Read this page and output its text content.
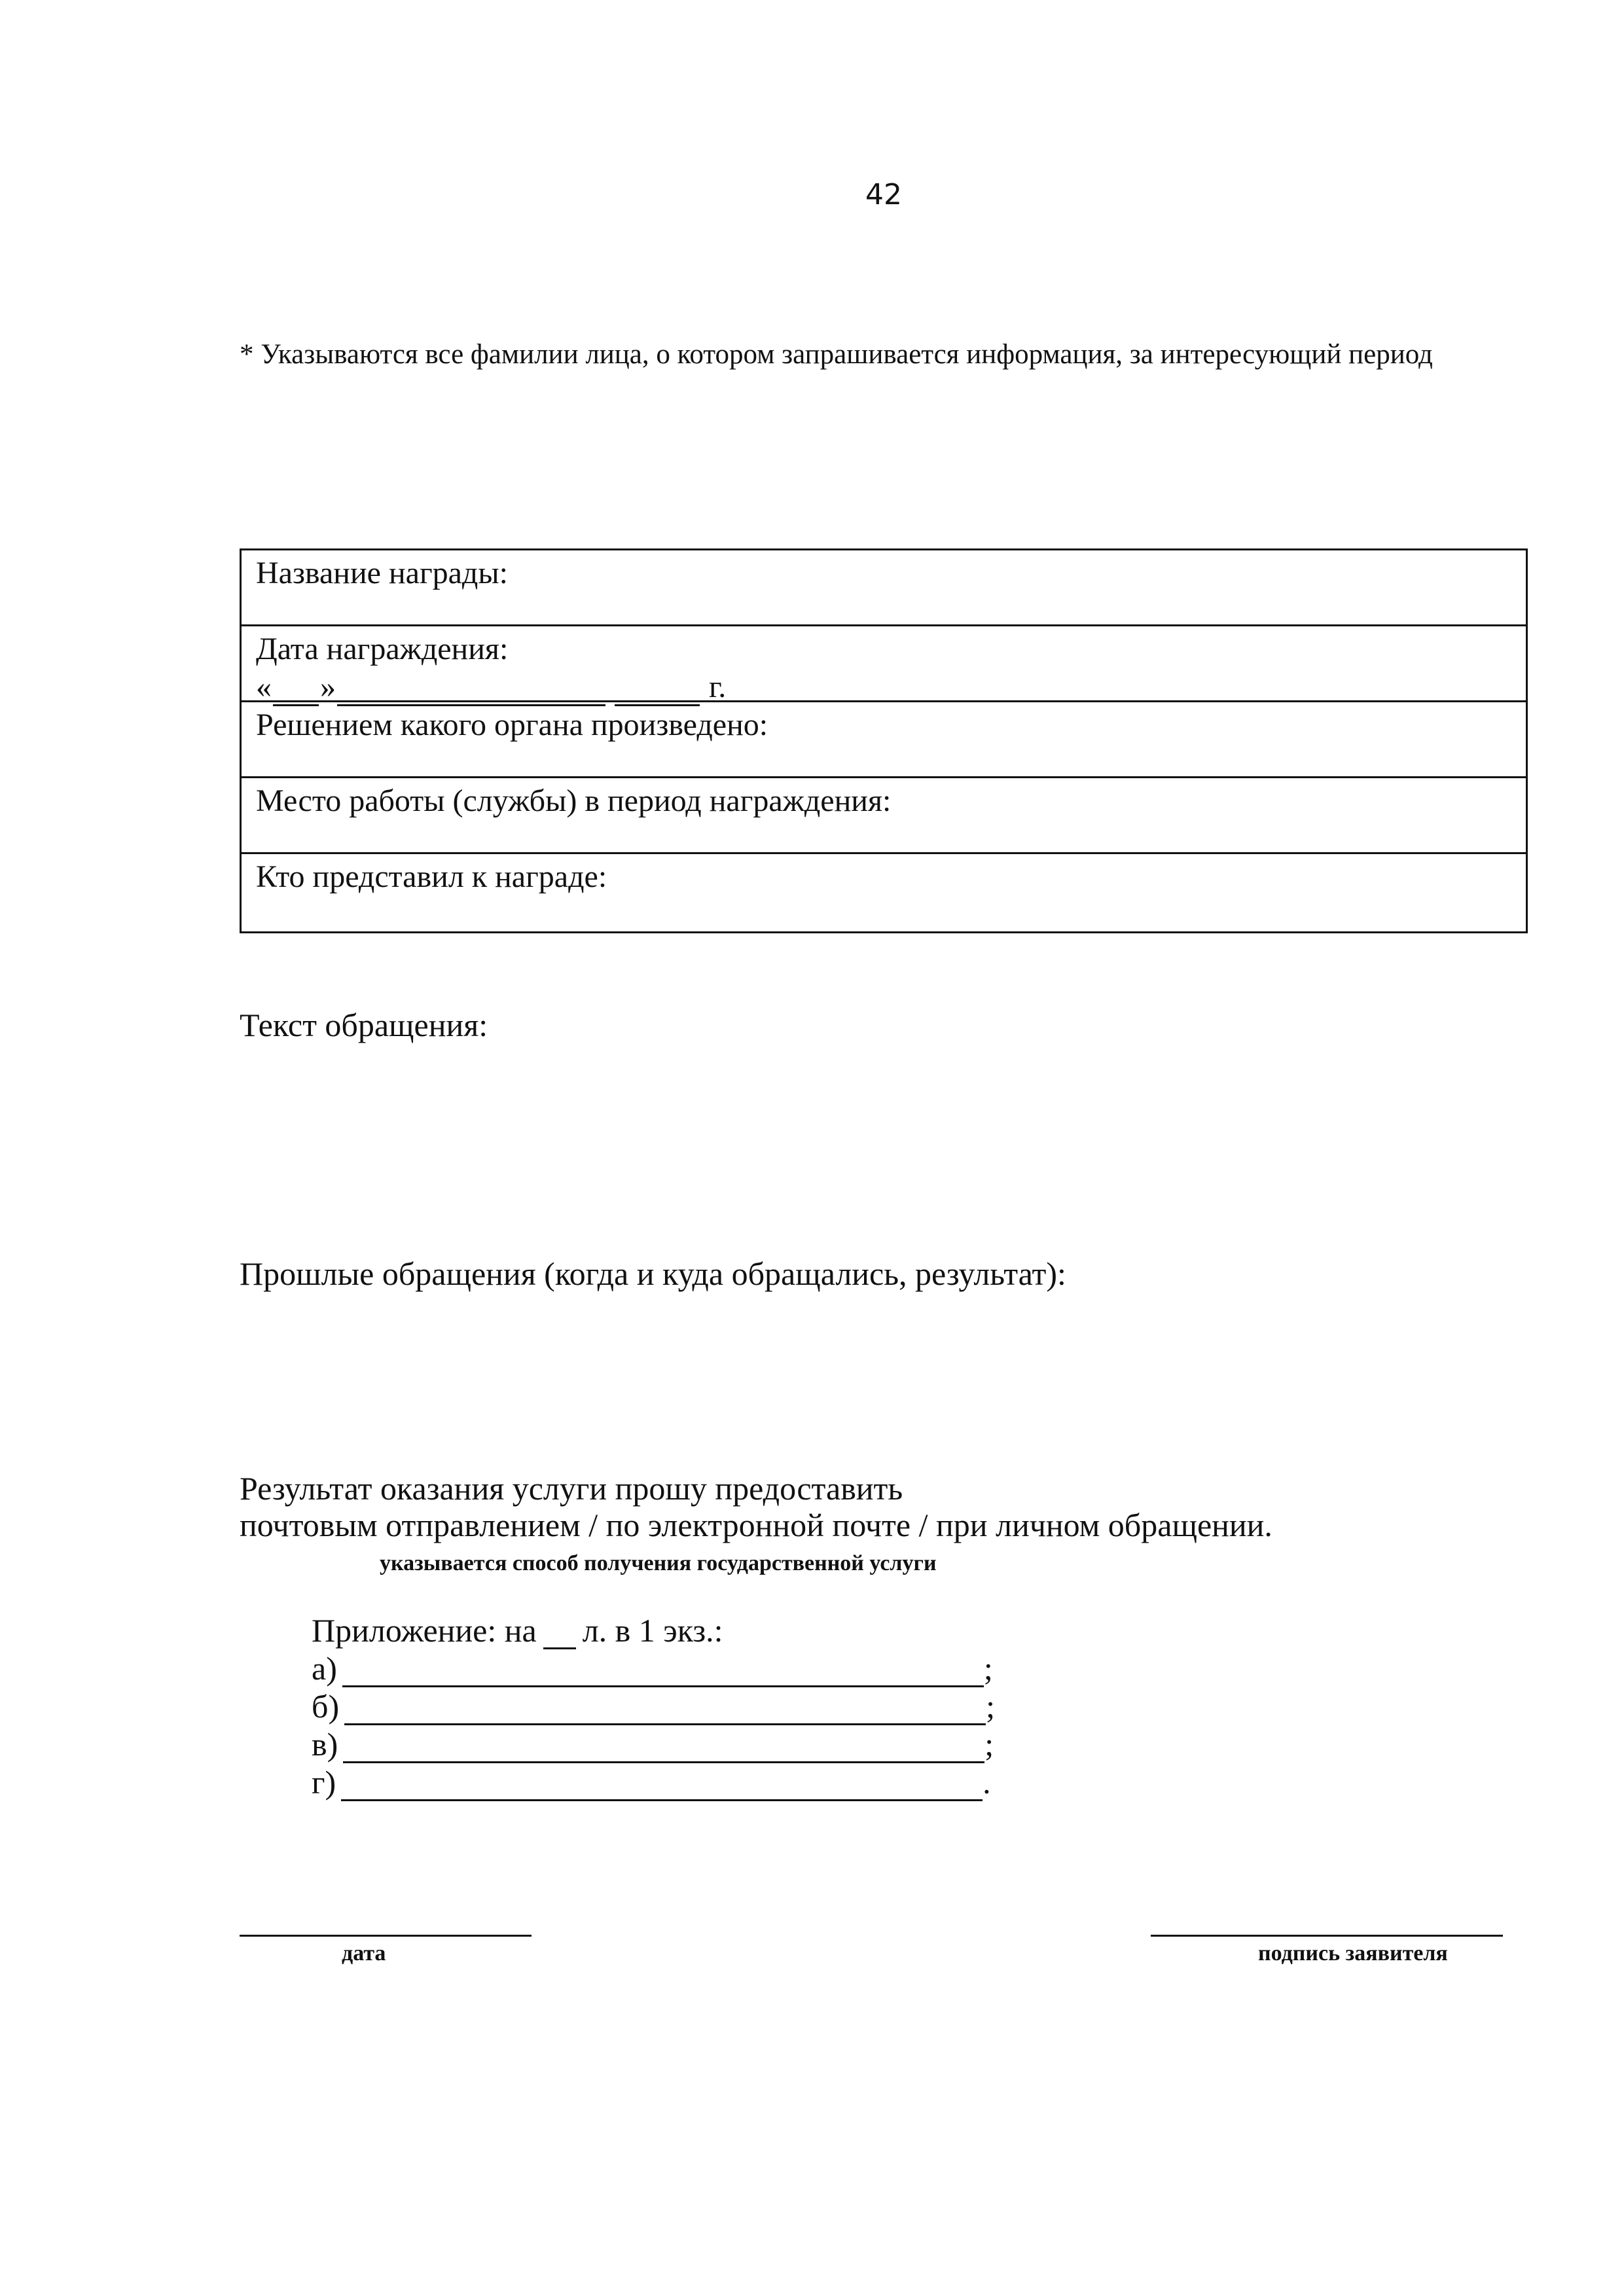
42
* Указываются все фамилии лица, о котором запрашивается информация, за интересующий период
Название награды:
Дата награждения:
« »	г.
Решением какого органа произведено:
Место работы (службы) в период награждения:
Кто представил к награде:
Текст обращения:
Прошлые обращения (когда и куда обращались, результат):
Результат оказания услуги прошу предоставить
почтовым отправлением / по электронной почте / при личном обращении.
указывается способ получения государственной услуги
Приложение: на л. в 1 экз.:
а)	;
б)	;
в)	;
г)	.
дата	подпись заявителя
